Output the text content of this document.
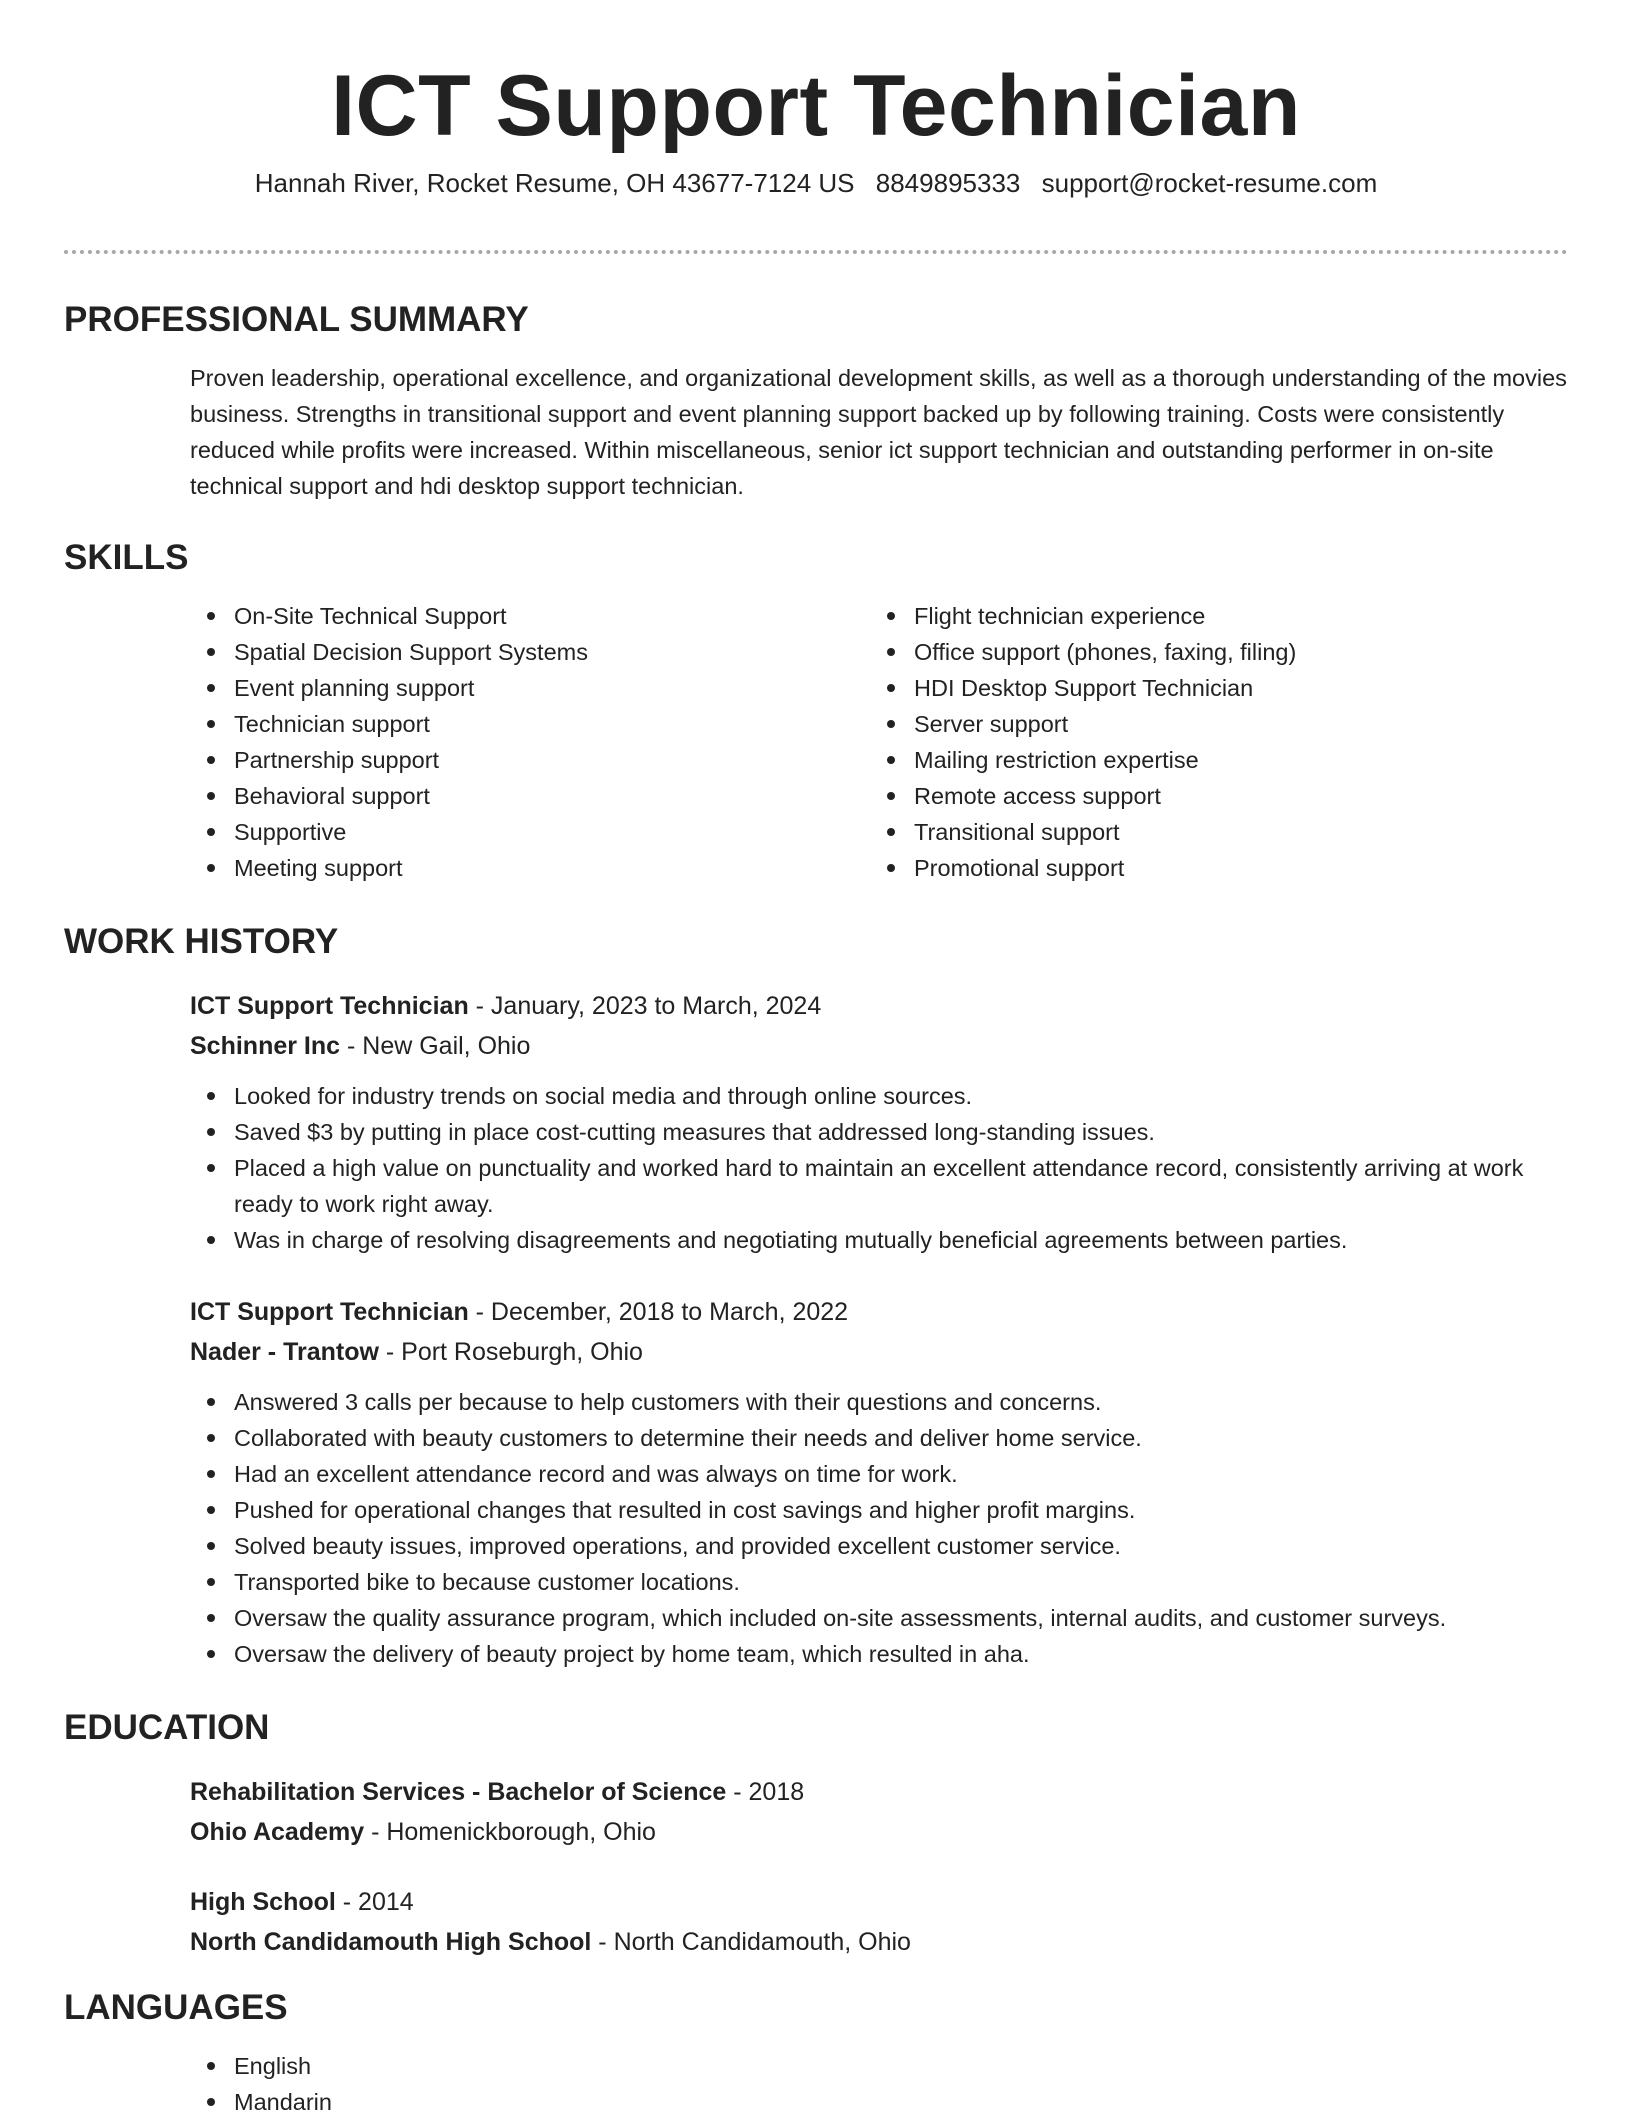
ICT Support Technician
Hannah River, Rocket Resume, OH 43677-7124 US 8849895333 support@rocket-resume.com
PROFESSIONAL SUMMARY

Proven leadership, operational excellence, and organizational development skills, as well as a thorough understanding of the movies business. Strengths in transitional support and event planning support backed up by following training. Costs were consistently reduced while profits were increased. Within miscellaneous, senior ict support technician and outstanding performer in on-site technical support and hdi desktop support technician.

SKILLS
On-Site Technical Support
Spatial Decision Support Systems
Event planning support
Technician support
Partnership support
Behavioral support
Supportive
Meeting support
Flight technician experience
Office support (phones, faxing, filing)
HDI Desktop Support Technician
Server support
Mailing restriction expertise
Remote access support
Transitional support
Promotional support
WORK HISTORY
ICT Support Technician - January, 2023 to March, 2024
Schinner Inc - New Gail, Ohio
Looked for industry trends on social media and through online sources.
Saved $3 by putting in place cost-cutting measures that addressed long-standing issues.
Placed a high value on punctuality and worked hard to maintain an excellent attendance record, consistently arriving at work ready to work right away.
Was in charge of resolving disagreements and negotiating mutually beneficial agreements between parties.
ICT Support Technician - December, 2018 to March, 2022
Nader - Trantow - Port Roseburgh, Ohio
Answered 3 calls per because to help customers with their questions and concerns.
Collaborated with beauty customers to determine their needs and deliver home service.
Had an excellent attendance record and was always on time for work.
Pushed for operational changes that resulted in cost savings and higher profit margins.
Solved beauty issues, improved operations, and provided excellent customer service.
Transported bike to because customer locations.
Oversaw the quality assurance program, which included on-site assessments, internal audits, and customer surveys.
Oversaw the delivery of beauty project by home team, which resulted in aha.
EDUCATION
Rehabilitation Services - Bachelor of Science - 2018
Ohio Academy - Homenickborough, Ohio
High School - 2014
North Candidamouth High School - North Candidamouth, Ohio
LANGUAGES
English
Mandarin
